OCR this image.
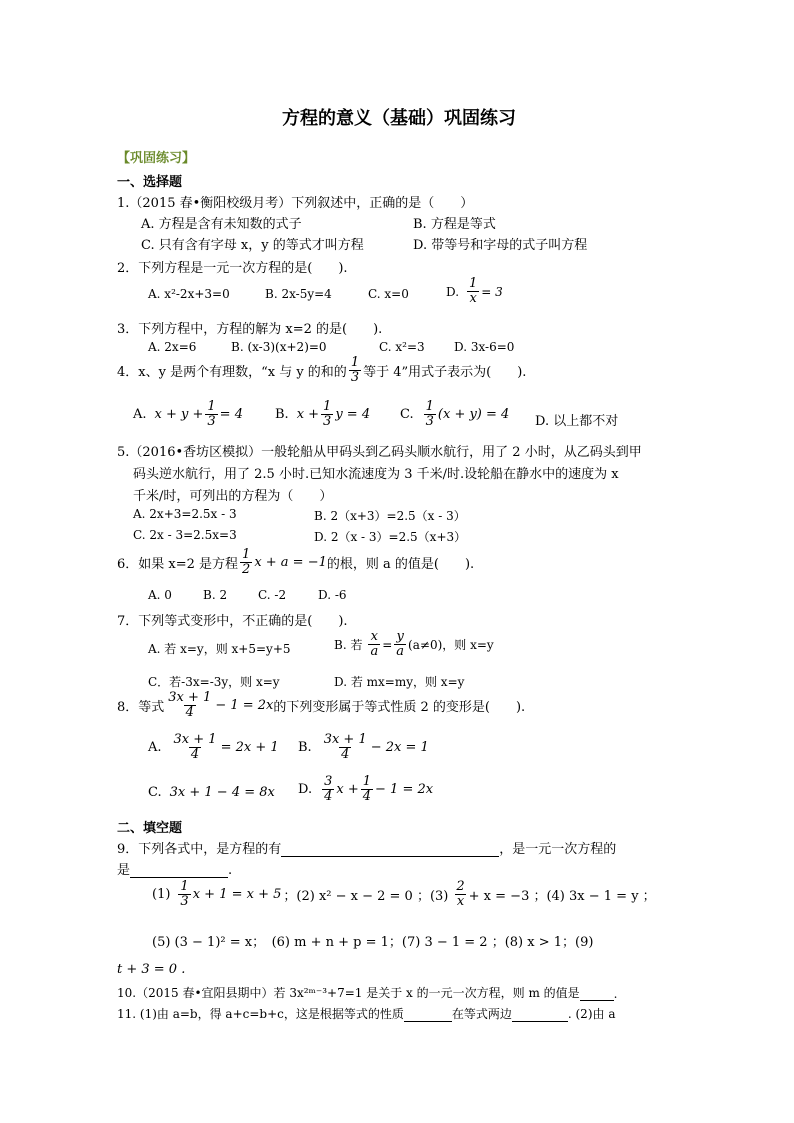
方程的意义（基础）巩固练习
【巩固练习】
一、选择题
1.（2015 春•衡阳校级月考）下列叙述中，正确的是（　　）
A. 方程是含有未知数的式子	B. 方程是等式
C. 只有含有字母 x，y 的等式才叫方程	D. 带等号和字母的式子叫方程
2．下列方程是一元一次方程的是(　　).
A. x²-2x+3=0	B. 2x-5y=4	C. x=0	D. $\frac{1}{x} = 3$
3．下列方程中，方程的解为 x=2 的是(　　).
A. 2x=6	B. (x-3)(x+2)=0	C. x²=3 D. 3x-6=0
4．x、y 是两个有理数，“x 与 y 的和的 $\frac{1}{3}$ 等于 4”用式子表示为(　　).
A. $x + y + \frac{1}{3} = 4$ B. $x + \frac{1}{3}$ y = 4 C. $\frac{1}{3} (x + y) = 4$ D. 以上都不对
5.（2016•香坊区模拟）一般轮船从甲码头到乙码头顺水航行，用了 2 小时，从乙码头到甲
码头逆水航行，用了 2.5 小时.已知水流速度为 3 千米/时.设轮船在静水中的速度为 x
千米/时，可列出的方程为（　　）
A. 2x+3=2.5x - 3	B. 2（x+3）=2.5（x - 3）
C. 2x - 3=2.5x=3	D. 2（x - 3）=2.5（x+3）
6．如果 x=2 是方程 $\frac{1}{2}$ x + a = −1 的根，则 a 的值是(　　).
A. 0	B. 2	C. -2	D. -6
7．下列等式变形中，不正确的是(　　).
A. 若 x=y，则 x+5=y+5	B. 若 $\frac{x}{a} = \frac{y}{a} (a\ne 0)$，则 x=y
C．若-3x=-3y，则 x=y	D. 若 mx=my，则 x=y
8．等式 $\frac{3x + 1}{4} - 1 = 2x$ 的下列变形属于等式性质 2 的变形是(　　).
A. $\frac{3x + 1}{4} = 2x + 1$ B. $\frac{3x + 1}{4} - 2x = 1$
C. 3x + 1 − 4 = 8x D. $\frac{3}{4}$ $x + \frac{1}{4} - 1 = 2x$
二、填空题
9．下列各式中，是方程的有	，是一元一次方程的
是	.
$(1) \frac{1}{3}$ x + 1 = x + 5 ；(2) x² − x − 2 = 0 ；$(3) \frac{2}{x} + x = -3$ ；(4) 3x − 1 = y ；
(5) (3 − 1)² = x；　(6) m + n + p = 1；(7) 3 − 1 = 2 ；(8) x > 1；(9)
t + 3 = 0 .
10.（2015 春•宜阳县期中）若 3x²ᵐ⁻³+7=1 是关于 x 的一元一次方程，则 m 的值是	.
11. (1)由 a=b，得 a+c=b+c，这是根据等式的性质	在等式两边	. (2)由 a
